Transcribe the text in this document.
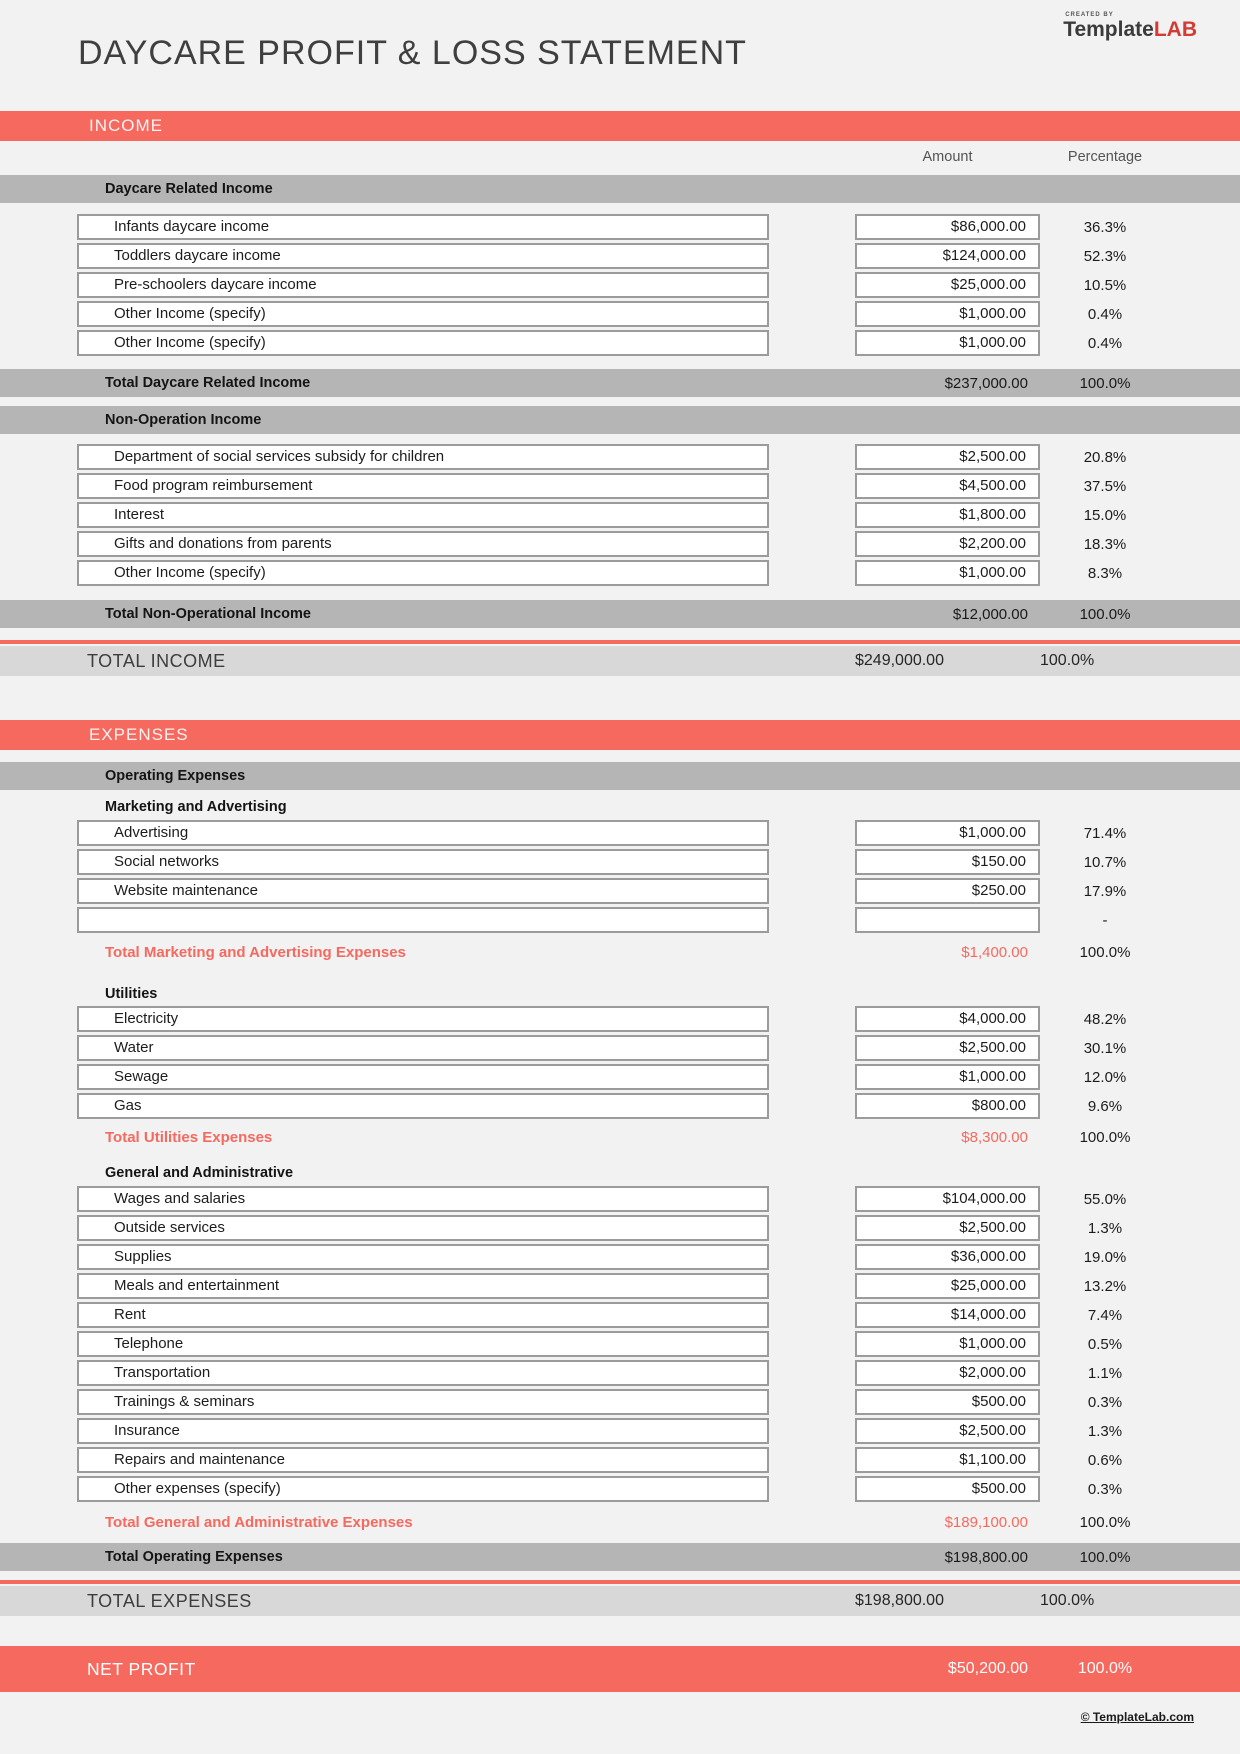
DAYCARE PROFIT & LOSS STATEMENT
CREATED BY
TemplateLAB
INCOME
Amount	Percentage
Daycare Related Income
Infants daycare income	$86,000.00	36.3%
Toddlers daycare income	$124,000.00	52.3%
Pre-schoolers daycare income	$25,000.00	10.5%
Other Income (specify)	$1,000.00	0.4%
Other Income (specify)	$1,000.00	0.4%
Total Daycare Related Income	$237,000.00	100.0%
Non-Operation Income
Department of social services subsidy for children	$2,500.00	20.8%
Food program reimbursement	$4,500.00	37.5%
Interest	$1,800.00	15.0%
Gifts and donations from parents	$2,200.00	18.3%
Other Income (specify)	$1,000.00	8.3%
Total Non-Operational Income	$12,000.00	100.0%
TOTAL INCOME	$249,000.00	100.0%
EXPENSES
Operating Expenses
Marketing and Advertising
Advertising	$1,000.00	71.4%
Social networks	$150.00	10.7%
Website maintenance	$250.00	17.9%
-
Total Marketing and Advertising Expenses	$1,400.00	100.0%
Utilities
Electricity	$4,000.00	48.2%
Water	$2,500.00	30.1%
Sewage	$1,000.00	12.0%
Gas	$800.00	9.6%
Total Utilities Expenses	$8,300.00	100.0%
General and Administrative
Wages and salaries	$104,000.00	55.0%
Outside services	$2,500.00	1.3%
Supplies	$36,000.00	19.0%
Meals and entertainment	$25,000.00	13.2%
Rent	$14,000.00	7.4%
Telephone	$1,000.00	0.5%
Transportation	$2,000.00	1.1%
Trainings & seminars	$500.00	0.3%
Insurance	$2,500.00	1.3%
Repairs and maintenance	$1,100.00	0.6%
Other expenses (specify)	$500.00	0.3%
Total General and Administrative Expenses	$189,100.00	100.0%
Total Operating Expenses	$198,800.00	100.0%
TOTAL EXPENSES	$198,800.00	100.0%
NET PROFIT	$50,200.00	100.0%
© TemplateLab.com
